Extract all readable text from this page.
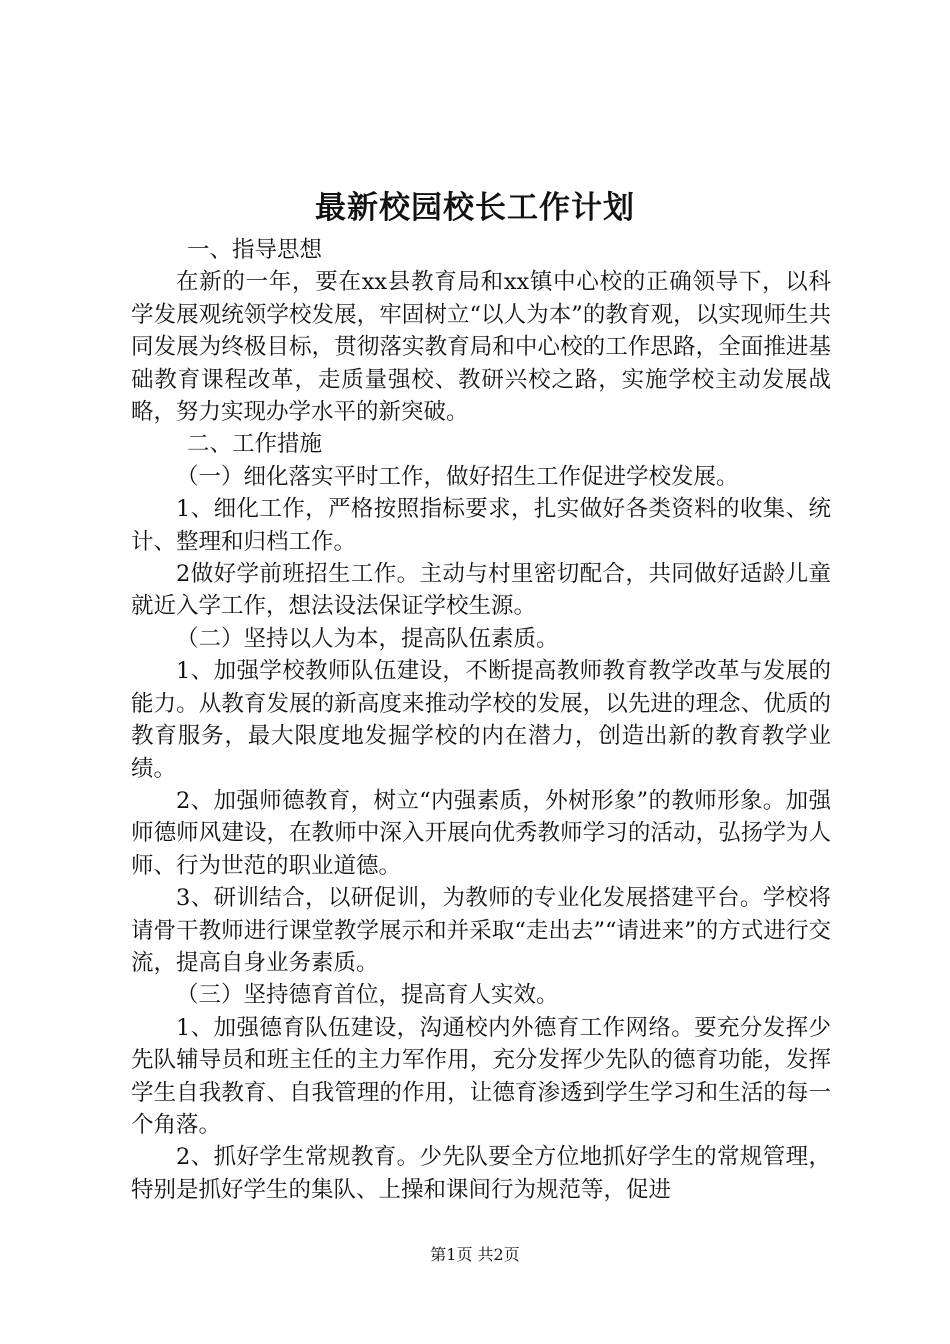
最新校园校长工作计划

一、指导思想

在新的一年，要在xx县教育局和xx镇中心校的正确领导下，以科学发展观统领学校发展，牢固树立“以人为本”的教育观，以实现师生共同发展为终极目标，贯彻落实教育局和中心校的工作思路，全面推进基础教育课程改革，走质量强校、教研兴校之路，实施学校主动发展战略，努力实现办学水平的新突破。

二、工作措施

（一）细化落实平时工作，做好招生工作促进学校发展。

1、细化工作，严格按照指标要求，扎实做好各类资料的收集、统计、整理和归档工作。

2做好学前班招生工作。主动与村里密切配合，共同做好适龄儿童就近入学工作，想法设法保证学校生源。

（二）坚持以人为本，提高队伍素质。

1、加强学校教师队伍建设，不断提高教师教育教学改革与发展的能力。从教育发展的新高度来推动学校的发展，以先进的理念、优质的教育服务，最大限度地发掘学校的内在潜力，创造出新的教育教学业绩。

2、加强师德教育，树立“内强素质，外树形象”的教师形象。加强师德师风建设，在教师中深入开展向优秀教师学习的活动，弘扬学为人师、行为世范的职业道德。

3、研训结合，以研促训，为教师的专业化发展搭建平台。学校将请骨干教师进行课堂教学展示和并采取“走出去”“请进来”的方式进行交流，提高自身业务素质。

（三）坚持德育首位，提高育人实效。

1、加强德育队伍建设，沟通校内外德育工作网络。要充分发挥少先队辅导员和班主任的主力军作用，充分发挥少先队的德育功能，发挥学生自我教育、自我管理的作用，让德育渗透到学生学习和生活的每一个角落。

2、抓好学生常规教育。少先队要全方位地抓好学生的常规管理，特别是抓好学生的集队、上操和课间行为规范等，促进

第1页 共2页
